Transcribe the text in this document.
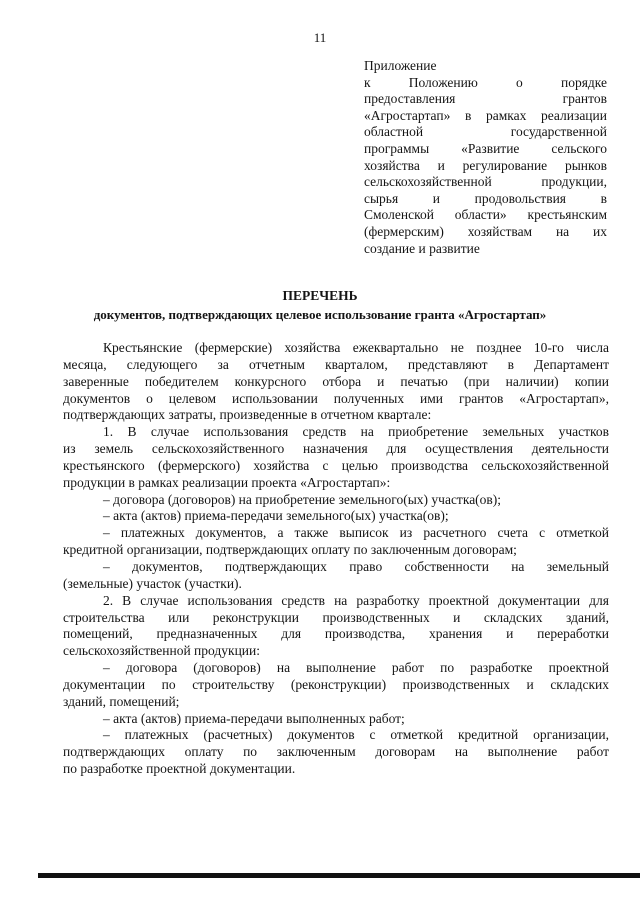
11
Приложение
к Положению о порядке
предоставления грантов
«Агростартап» в рамках реализации
областной государственной
программы «Развитие сельского
хозяйства и регулирование рынков
сельскохозяйственной продукции,
сырья и продовольствия в
Смоленской области» крестьянским
(фермерским) хозяйствам на их
создание и развитие
ПЕРЕЧЕНЬ
документов, подтверждающих целевое использование гранта «Агростартап»
Крестьянские (фермерские) хозяйства ежеквартально не позднее 10-го числа
месяца, следующего за отчетным кварталом, представляют в Департамент
заверенные победителем конкурсного отбора и печатью (при наличии) копии
документов о целевом использовании полученных ими грантов «Агростартап»,
подтверждающих затраты, произведенные в отчетном квартале:
1. В случае использования средств на приобретение земельных участков
из земель сельскохозяйственного назначения для осуществления деятельности
крестьянского (фермерского) хозяйства с целью производства сельскохозяйственной
продукции в рамках реализации проекта «Агростартап»:
– договора (договоров) на приобретение земельного(ых) участка(ов);
– акта (актов) приема-передачи земельного(ых) участка(ов);
– платежных документов, а также выписок из расчетного счета с отметкой
кредитной организации, подтверждающих оплату по заключенным договорам;
– документов, подтверждающих право собственности на земельный
(земельные) участок (участки).
2. В случае использования средств на разработку проектной документации для
строительства или реконструкции производственных и складских зданий,
помещений, предназначенных для производства, хранения и переработки
сельскохозяйственной продукции:
– договора (договоров) на выполнение работ по разработке проектной
документации по строительству (реконструкции) производственных и складских
зданий, помещений;
– акта (актов) приема-передачи выполненных работ;
– платежных (расчетных) документов с отметкой кредитной организации,
подтверждающих оплату по заключенным договорам на выполнение работ
по разработке проектной документации.
